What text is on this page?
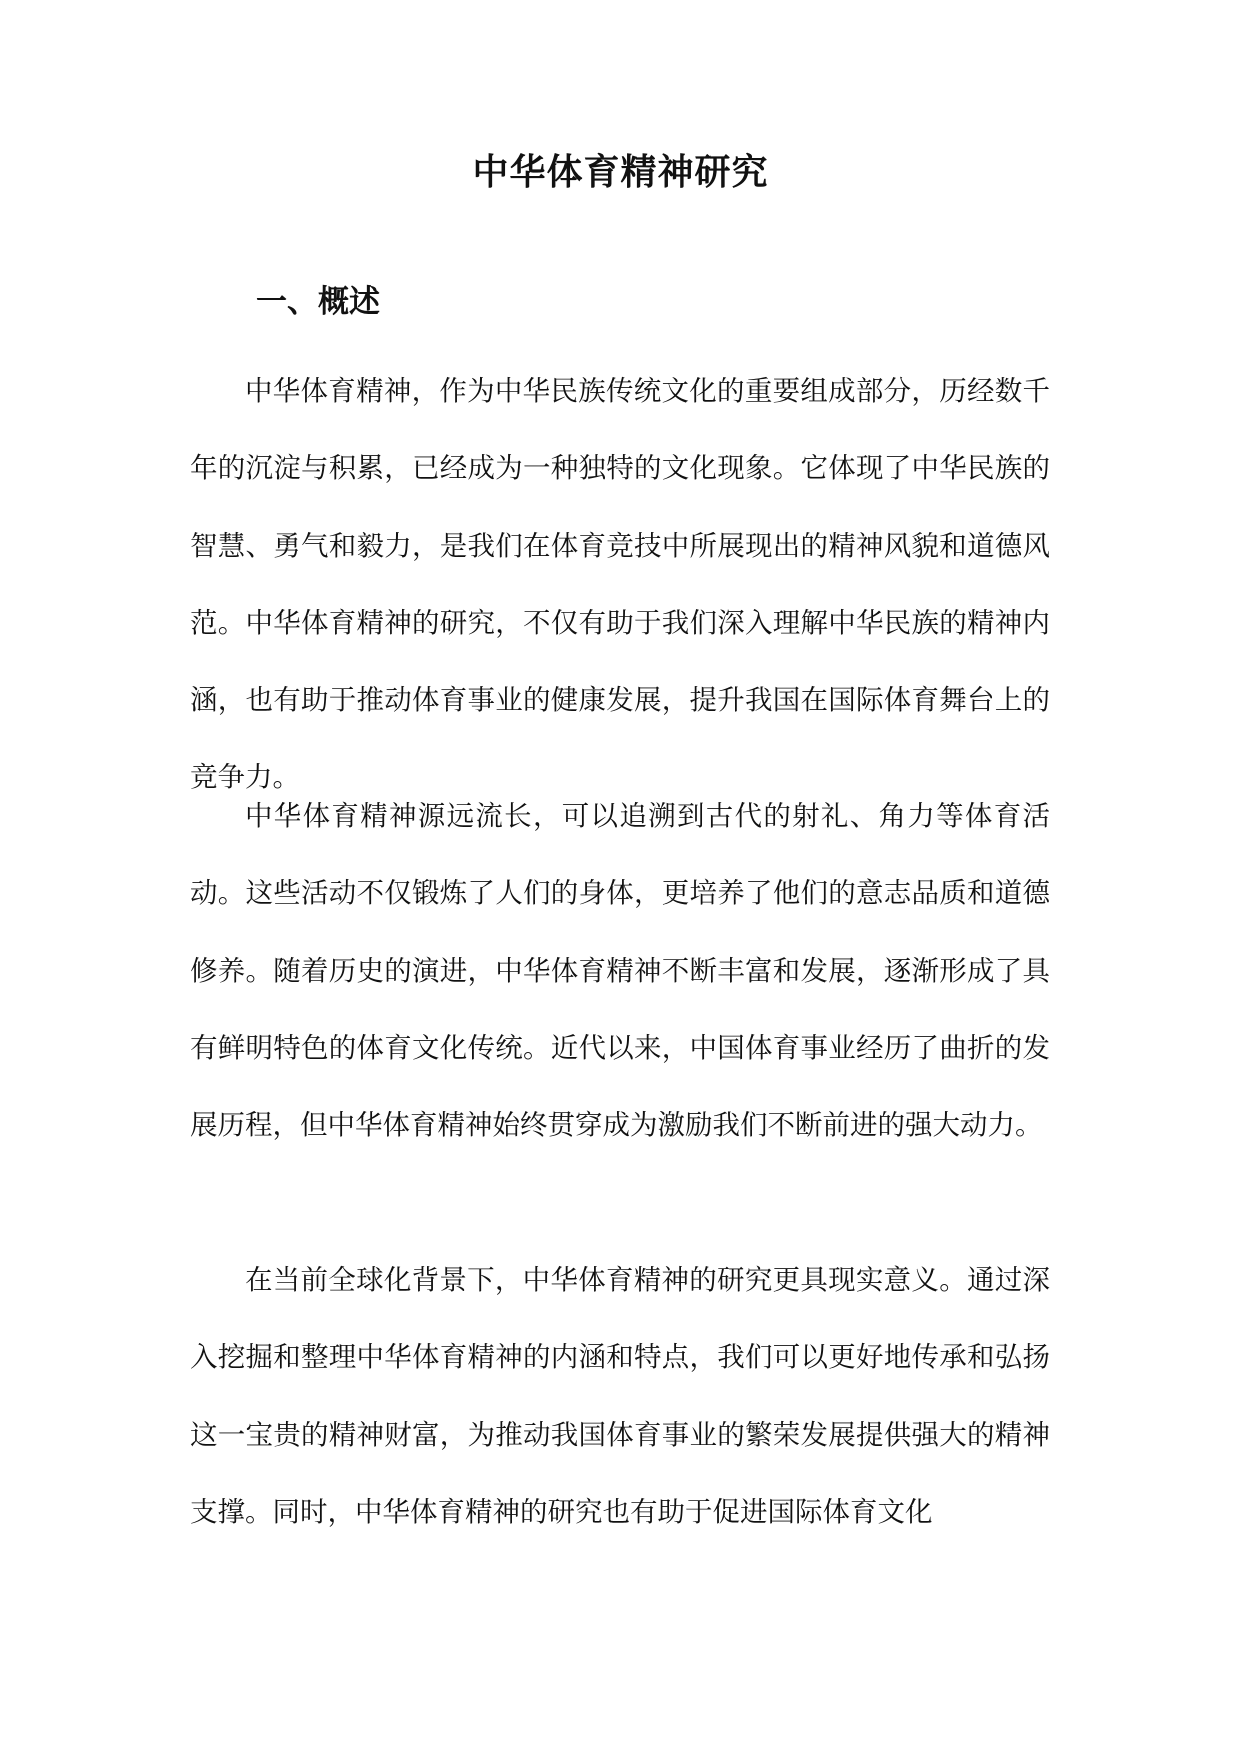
中华体育精神研究
一、概述

中华体育精神，作为中华民族传统文化的重要组成部分，历经数千年的沉淀与积累，已经成为一种独特的文化现象。它体现了中华民族的智慧、勇气和毅力，是我们在体育竞技中所展现出的精神风貌和道德风范。中华体育精神的研究，不仅有助于我们深入理解中华民族的精神内涵，也有助于推动体育事业的健康发展，提升我国在国际体育舞台上的竞争力。

中华体育精神源远流长，可以追溯到古代的射礼、角力等体育活动。这些活动不仅锻炼了人们的身体，更培养了他们的意志品质和道德修养。随着历史的演进，中华体育精神不断丰富和发展，逐渐形成了具有鲜明特色的体育文化传统。近代以来，中国体育事业经历了曲折的发展历程，但中华体育精神始终贯穿成为激励我们不断前进的强大动力。

在当前全球化背景下，中华体育精神的研究更具现实意义。通过深入挖掘和整理中华体育精神的内涵和特点，我们可以更好地传承和弘扬这一宝贵的精神财富，为推动我国体育事业的繁荣发展提供强大的精神支撑。同时，中华体育精神的研究也有助于促进国际体育文化
